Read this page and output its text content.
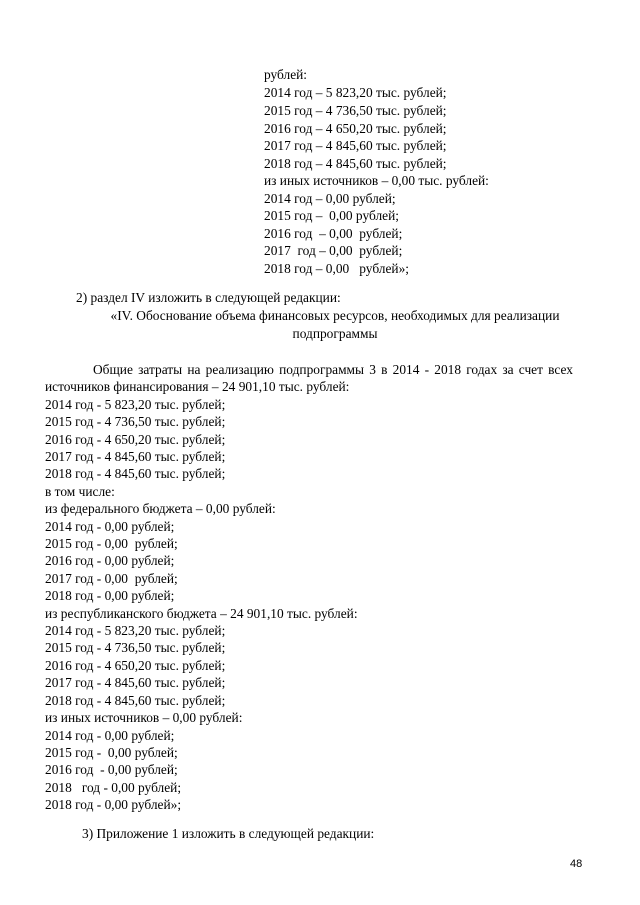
рублей:
2014 год – 5 823,20 тыс. рублей;
2015 год – 4 736,50 тыс. рублей;
2016 год – 4 650,20 тыс. рублей;
2017 год – 4 845,60 тыс. рублей;
2018 год – 4 845,60 тыс. рублей;
из иных источников – 0,00 тыс. рублей:
2014 год – 0,00 рублей;
2015 год –  0,00 рублей;
2016 год  – 0,00  рублей;
2017  год – 0,00  рублей;
2018 год – 0,00   рублей»;
2) раздел IV изложить в следующей редакции:
«IV. Обоснование объема финансовых ресурсов, необходимых для реализации подпрограммы
Общие затраты на реализацию подпрограммы 3 в 2014 - 2018 годах за счет всех источников финансирования – 24 901,10 тыс. рублей:
2014 год - 5 823,20 тыс. рублей;
2015 год - 4 736,50 тыс. рублей;
2016 год - 4 650,20 тыс. рублей;
2017 год - 4 845,60 тыс. рублей;
2018 год - 4 845,60 тыс. рублей;
в том числе:
из федерального бюджета – 0,00 рублей:
2014 год - 0,00 рублей;
2015 год - 0,00  рублей;
2016 год - 0,00 рублей;
2017 год - 0,00  рублей;
2018 год - 0,00 рублей;
из республиканского бюджета – 24 901,10 тыс. рублей:
2014 год - 5 823,20 тыс. рублей;
2015 год - 4 736,50 тыс. рублей;
2016 год - 4 650,20 тыс. рублей;
2017 год - 4 845,60 тыс. рублей;
2018 год - 4 845,60 тыс. рублей;
из иных источников – 0,00 рублей:
2014 год - 0,00 рублей;
2015 год -  0,00 рублей;
2016 год  - 0,00 рублей;
2018   год - 0,00 рублей;
2018 год - 0,00 рублей»;
3) Приложение 1 изложить в следующей редакции:
48
